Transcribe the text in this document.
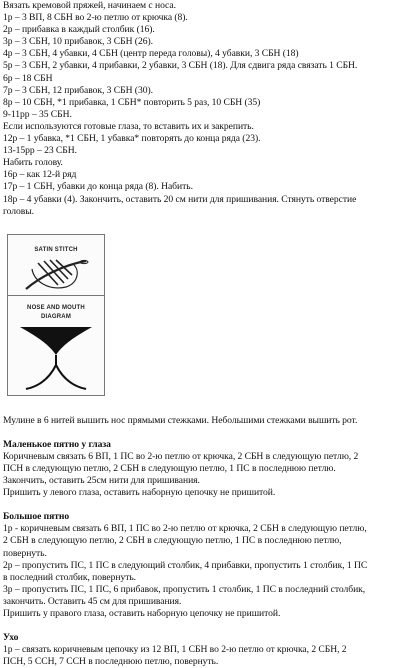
Вязать кремовой пряжей, начинаем с носа.
1р – 3 ВП, 8 СБН во 2-ю петлю от крючка (8).
2р – прибавка в каждый столбик (16).
3р – 3 СБН, 10 прибавок, 3 СБН (26).
4р – 3 СБН, 4 убавки, 4 СБН (центр переда головы), 4 убавки, 3 СБН (18)
5р – 3 СБН, 2 убавки, 4 прибавки, 2 убавки, 3 СБН (18). Для сдвига ряда связать 1 СБН.
6р – 18 СБН
7р – 3 СБН, 12 прибавок, 3 СБН (30).
8р – 10 СБН, *1 прибавка, 1 СБН* повторить 5 раз, 10 СБН (35)
9-11рр – 35 СБН.
Если используются готовые глаза, то вставить их и закрепить.
12р – 1 убавка, *1 СБН, 1 убавка* повторять до конца ряда (23).
13-15рр – 23 СБН.
Набить голову.
16р – как 12-й ряд
17р – 1 СБН, убавки до конца ряда (8). Набить.
18р – 4 убавки (4). Закончить, оставить 20 см нити для пришивания. Стянуть отверстие
головы.
SATIN STITCH
NOSE AND MOUTH
DIAGRAM
Мулине в 6 нитей вышить нос прямыми стежками. Небольшими стежками вышить рот.
Маленькое пятно у глаза
Коричневым связать 6 ВП, 1 ПС во 2-ю петлю от крючка, 2 СБН в следующую петлю, 2
ПСН в следующую петлю, 2 СБН в следующую петлю, 1 ПС в последнюю петлю.
Закончить, оставить 25см нити для пришивания.
Пришить у левого глаза, оставить наборную цепочку не пришитой.
Большое пятно
1р - коричневым связать 6 ВП, 1 ПС во 2-ю петлю от крючка, 2 СБН в следующую петлю,
2 СБН в следующую петлю, 2 СБН в следующую петлю, 1 ПС в последнюю петлю,
повернуть.
2р – пропустить ПС, 1 ПС в следующий столбик, 4 прибавки, пропустить 1 столбик, 1 ПС
в последний столбик, повернуть.
3р – пропустить ПС, 1 ПС, 6 прибавок, пропустить 1 столбик, 1 ПС в последний столбик,
закончить. Оставить 45 см для пришивания.
Пришить у правого глаза, оставить наборную цепочку не пришитой.
Ухо
1р – связать коричневым цепочку из 12 ВП, 1 СБН во 2-ю петлю от крючка, 2 СБН, 2
ПСН, 5 ССН, 7 ССН в последнюю петлю, повернуть.
